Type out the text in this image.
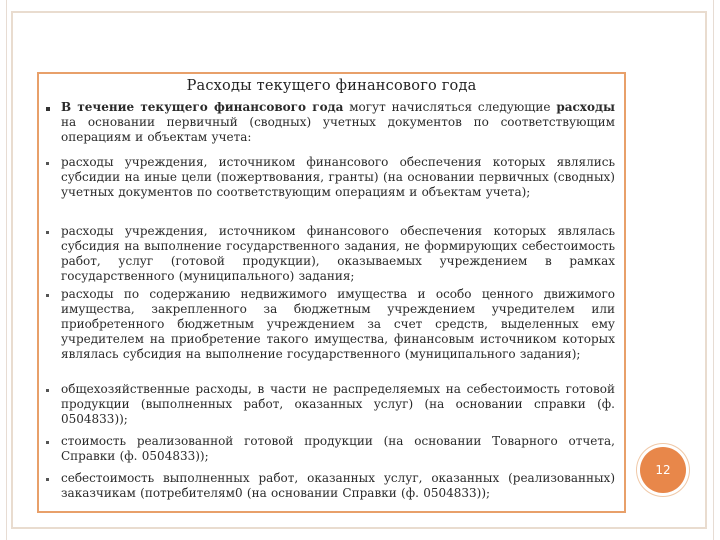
Расходы текущего финансового года
В течение текущего финансового года могут начисляться следующие расходы на основании первичный (сводных) учетных документов по соответствующим операциям и объектам учета:
расходы учреждения, источником финансового обеспечения которых являлись субсидии на иные цели (пожертвования, гранты) (на основании первичных (сводных) учетных документов по соответствующим операциям и объектам учета);
расходы учреждения, источником финансового обеспечения которых являлась субсидия на выполнение государственного задания, не формирующих себестоимость работ, услуг (готовой продукции), оказываемых учреждением в рамках государственного (муниципального) задания;
расходы по содержанию недвижимого имущества и особо ценного движимого имущества, закрепленного за бюджетным учреждением учредителем или приобретенного бюджетным учреждением за счет средств, выделенных ему учредителем на приобретение такого имущества, финансовым источником которых являлась субсидия на выполнение государственного (муниципального задания);
общехозяйственные расходы, в части не распределяемых на себестоимость готовой продукции (выполненных работ, оказанных услуг) (на основании справки (ф. 0504833));
стоимость реализованной готовой продукции (на основании Товарного отчета, Справки (ф. 0504833));
себестоимость выполненных работ, оказанных услуг, оказанных (реализованных) заказчикам (потребителям0 (на основании Справки (ф. 0504833));
12
